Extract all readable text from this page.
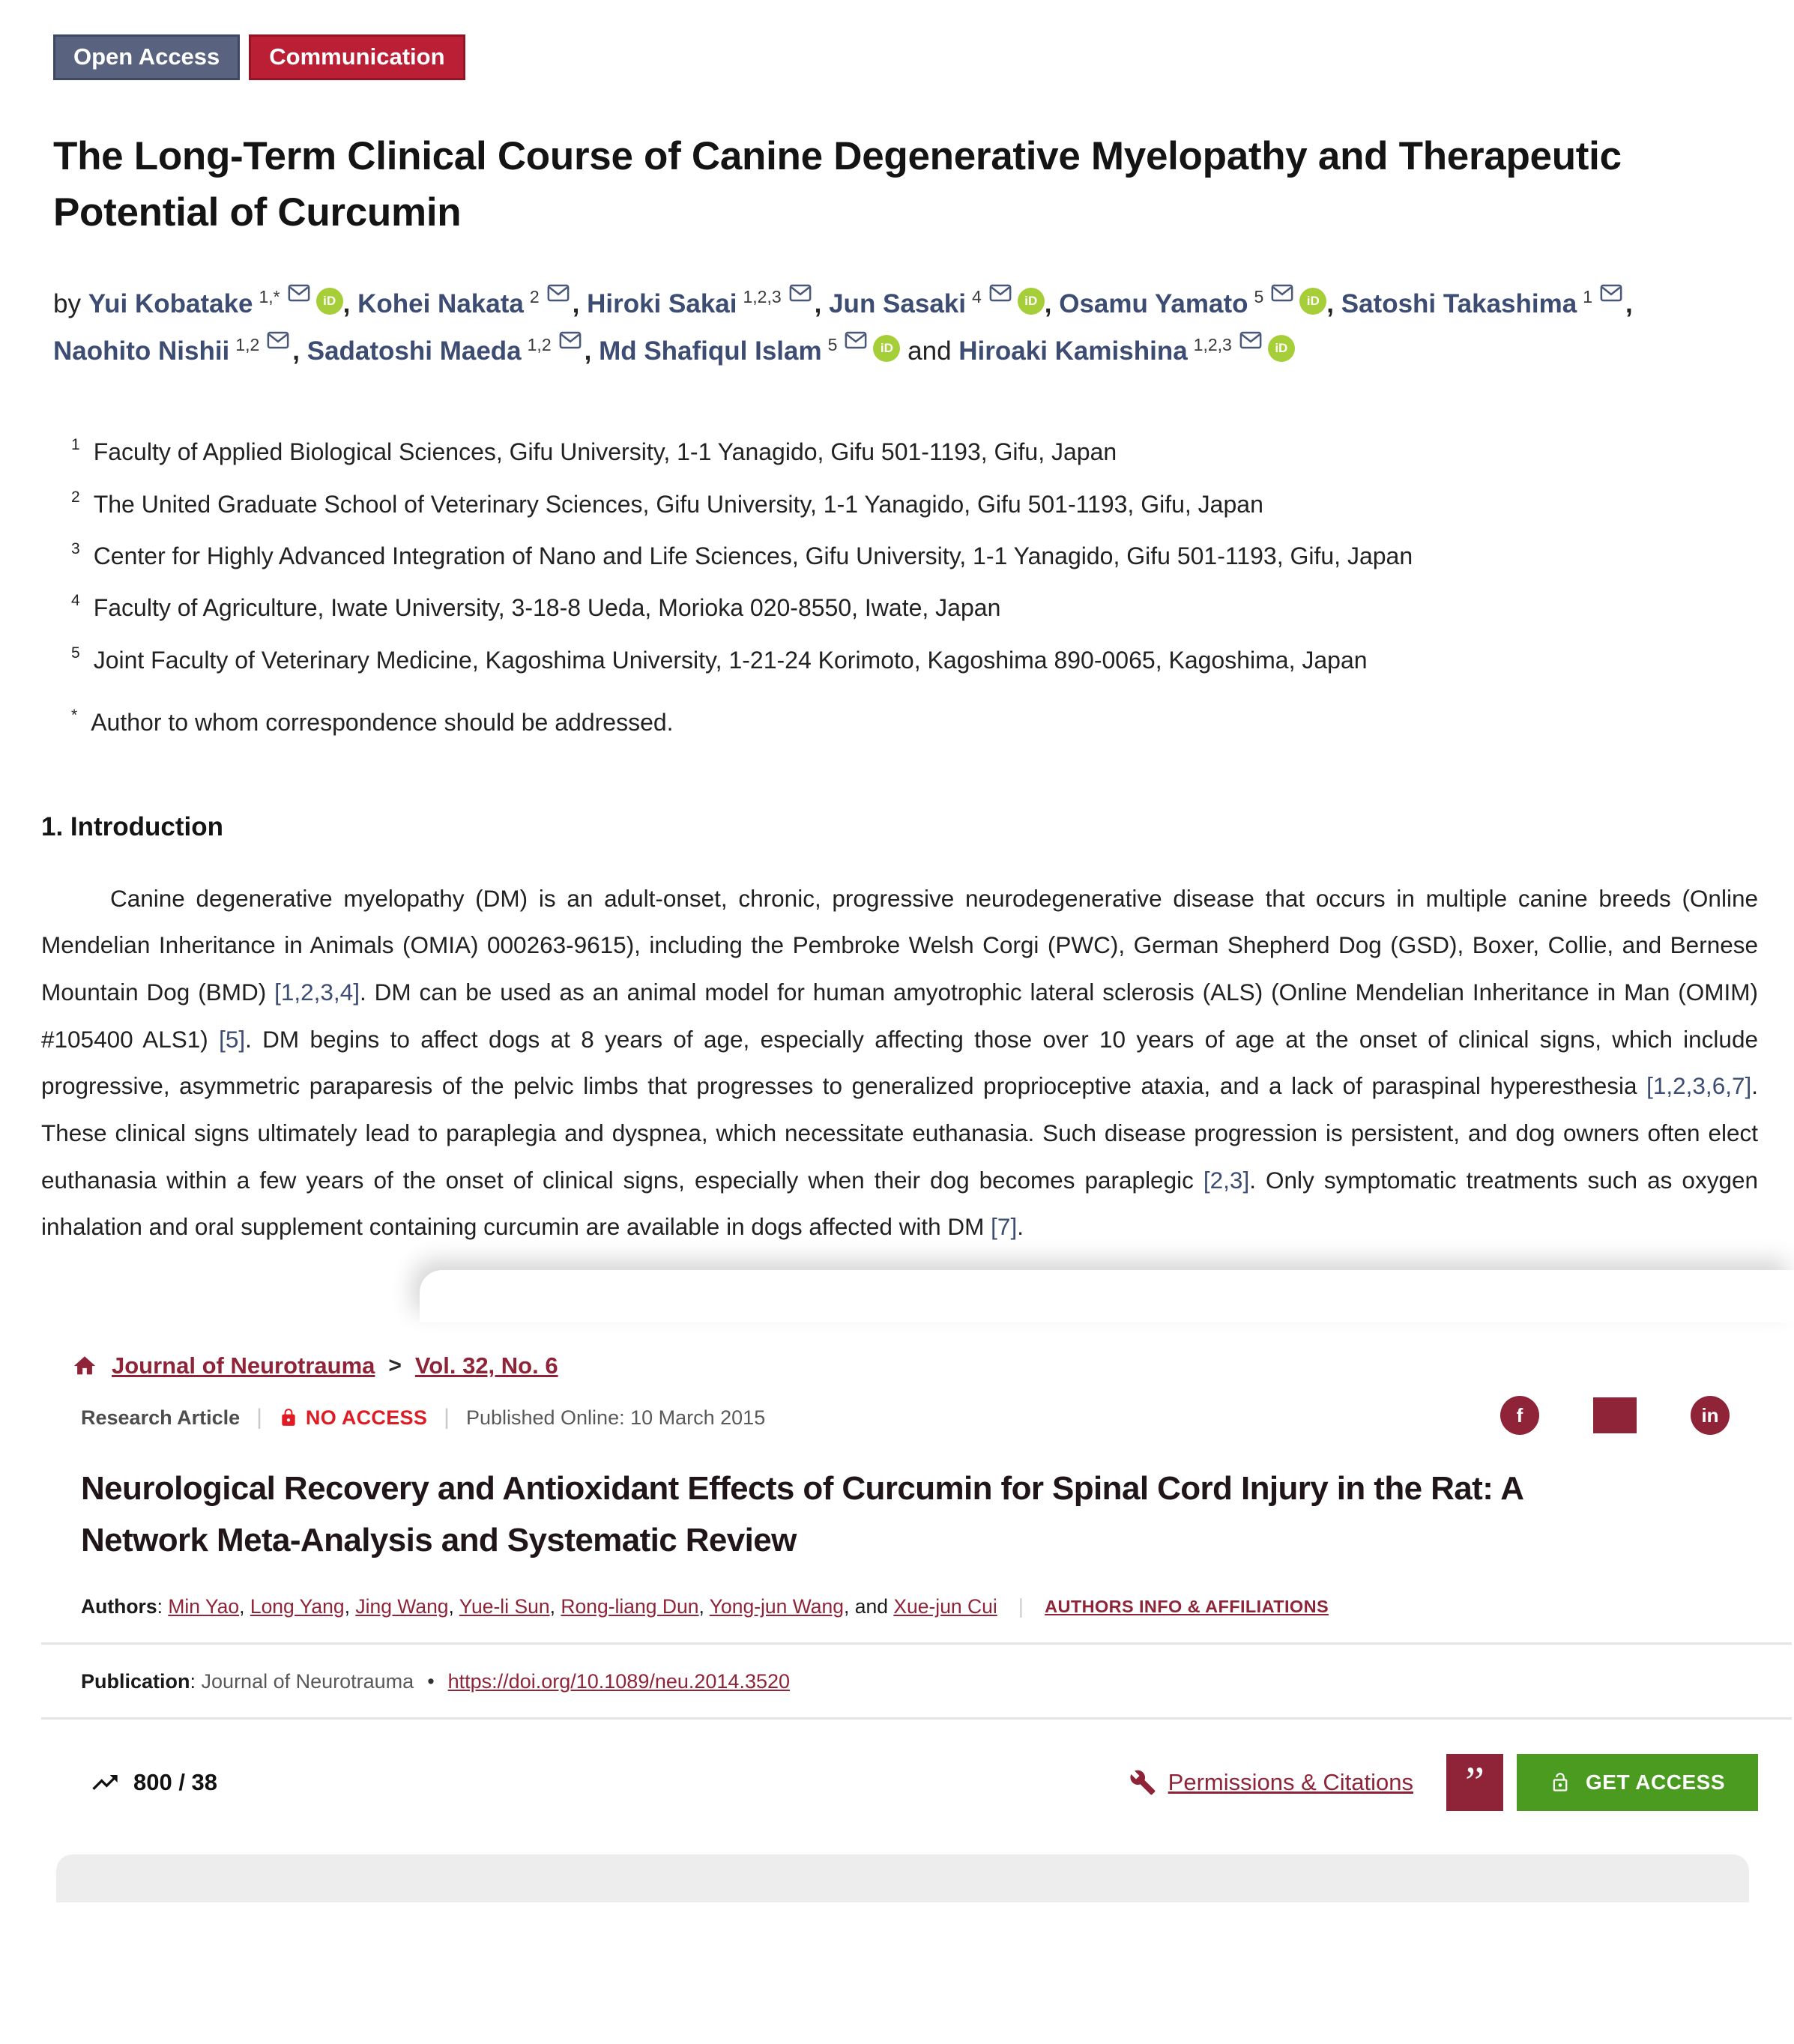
Open Access	Communication
The Long-Term Clinical Course of Canine Degenerative Myelopathy and Therapeutic Potential of Curcumin

by Yui Kobatake $^{1,*}$	iD , Kohei Nakata $^2$ , Hiroki Sakai $^{1,2,3}$ , Jun Sasaki $^4$	iD , Osamu Yamato $^5$	iD , Satoshi Takashima $^1$ , Naohito Nishii $^{1,2}$ , Sadatoshi Maeda $^{1,2}$ , Md Shafiqul Islam $^5$	iD and Hiroaki Kamishina $^{1,2,3}$	iD

$^1$ Faculty of Applied Biological Sciences, Gifu University, 1-1 Yanagido, Gifu 501-1193, Gifu, Japan
$^2$ The United Graduate School of Veterinary Sciences, Gifu University, 1-1 Yanagido, Gifu 501-1193, Gifu, Japan
$^3$ Center for Highly Advanced Integration of Nano and Life Sciences, Gifu University, 1-1 Yanagido, Gifu 501-1193, Gifu, Japan
$^4$ Faculty of Agriculture, Iwate University, 3-18-8 Ueda, Morioka 020-8550, Iwate, Japan
$^5$ Joint Faculty of Veterinary Medicine, Kagoshima University, 1-21-24 Korimoto, Kagoshima 890-0065, Kagoshima, Japan
* Author to whom correspondence should be addressed.
1. Introduction

Canine degenerative myelopathy (DM) is an adult-onset, chronic, progressive neurodegenerative disease that occurs in multiple canine breeds (Online Mendelian Inheritance in Animals (OMIA) 000263-9615), including the Pembroke Welsh Corgi (PWC), German Shepherd Dog (GSD), Boxer, Collie, and Bernese Mountain Dog (BMD) [1,2,3,4]. DM can be used as an animal model for human amyotrophic lateral sclerosis (ALS) (Online Mendelian Inheritance in Man (OMIM) #105400 ALS1) [5]. DM begins to affect dogs at 8 years of age, especially affecting those over 10 years of age at the onset of clinical signs, which include progressive, asymmetric paraparesis of the pelvic limbs that progresses to generalized proprioceptive ataxia, and a lack of paraspinal hyperesthesia [1,2,3,6,7]. These clinical signs ultimately lead to paraplegia and dyspnea, which necessitate euthanasia. Such disease progression is persistent, and dog owners often elect euthanasia within a few years of the onset of clinical signs, especially when their dog becomes paraplegic [2,3]. Only symptomatic treatments such as oxygen inhalation and oral supplement containing curcumin are available in dogs affected with DM [7].

Journal of Neurotrauma > Vol. 32, No. 6
f	in
Research Article | NO ACCESS | Published Online: 10 March 2015
Neurological Recovery and Antioxidant Effects of Curcumin for Spinal Cord Injury in the Rat: A Network Meta-Analysis and Systematic Review
Authors: Min Yao, Long Yang, Jing Wang, Yue-li Sun, Rong-liang Dun, Yong-jun Wang, and Xue-jun Cui | AUTHORS INFO & AFFILIATIONS
Publication: Journal of Neurotrauma • https://doi.org/10.1089/neu.2014.3520
800 / 38	Permissions & Citations	”	GET ACCESS
